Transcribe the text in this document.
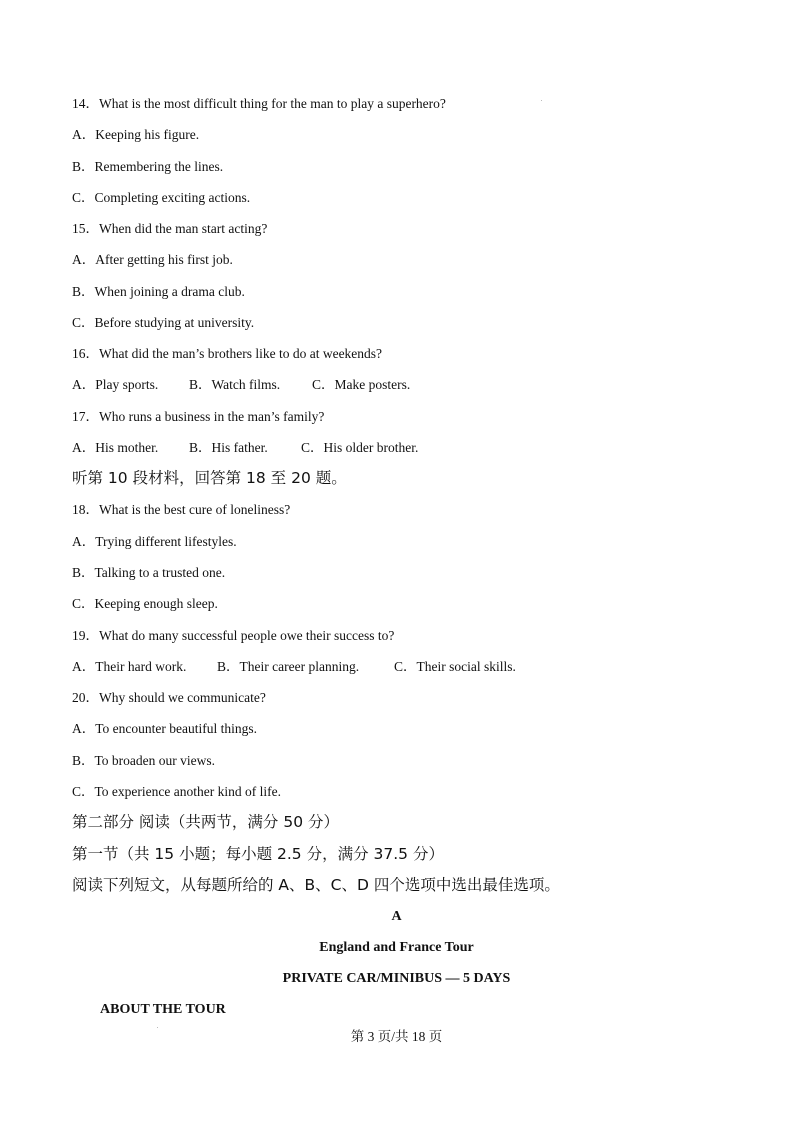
14．What is the most difficult thing for the man to play a superhero?
A．Keeping his figure.
B．Remembering the lines.
C．Completing exciting actions.
15．When did the man start acting?
A．After getting his first job.
B．When joining a drama club.
C．Before studying at university.
16．What did the man’s brothers like to do at weekends?
A．Play sports.	B．Watch films.	C．Make posters.
17．Who runs a business in the man’s family?
A．His mother.	B．His father.	C．His older brother.
听第 10 段材料，回答第 18 至 20 题。
18．What is the best cure of loneliness?
A．Trying different lifestyles.
B．Talking to a trusted one.
C．Keeping enough sleep.
19．What do many successful people owe their success to?
A．Their hard work.	B．Their career planning.	C．Their social skills.
20．Why should we communicate?
A．To encounter beautiful things.
B．To broaden our views.
C．To experience another kind of life.
第二部分 阅读（共两节，满分 50 分）
第一节（共 15 小题；每小题 2.5 分，满分 37.5 分）
阅读下列短文，从每题所给的 A、B、C、D 四个选项中选出最佳选项。
A
England and France Tour
PRIVATE CAR/MINIBUS — 5 DAYS
ABOUT THE TOUR
第 3 页/共 18 页
